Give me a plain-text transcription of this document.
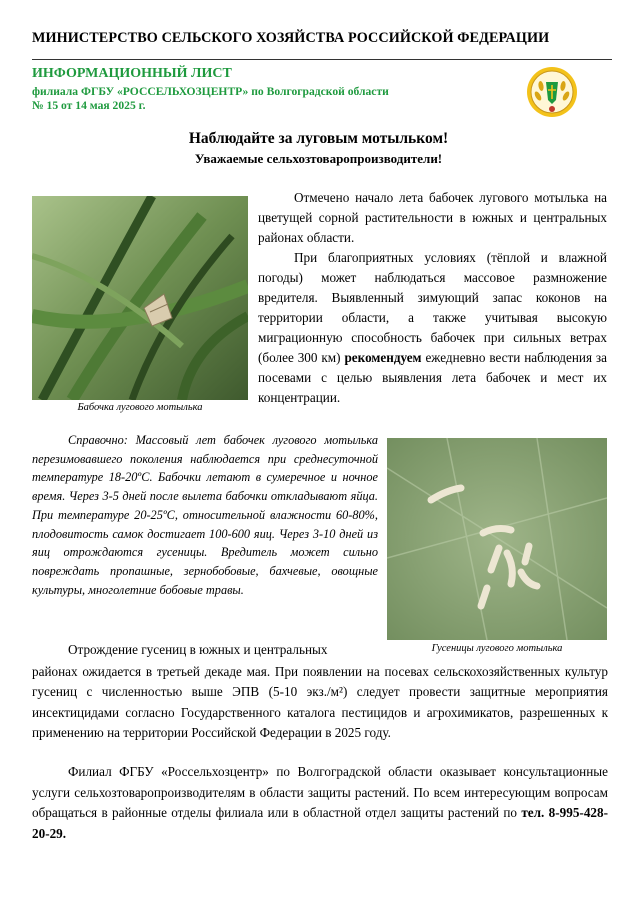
МИНИСТЕРСТВО СЕЛЬСКОГО ХОЗЯЙСТВА РОССИЙСКОЙ ФЕДЕРАЦИИ
ИНФОРМАЦИОННЫЙ ЛИСТ
филиала ФГБУ «РОССЕЛЬХОЗЦЕНТР» по Волгоградской области
№ 15 от 14 мая 2025 г.
Наблюдайте за луговым мотыльком!
Уважаемые сельхозтоваропроизводители!
Бабочка лугового мотылька

Отмечено начало лета бабочек лугового мотылька на цветущей сорной растительности в южных и центральных районах области.

При благоприятных условиях (тёплой и влажной погоды) может наблюдаться массовое размножение вредителя. Выявленный зимующий запас коконов на территории области, а также учитывая высокую миграционную способность бабочек при сильных ветрах (более 300 км) рекомендуем ежедневно вести наблюдения за посевами с целью выявления лета бабочек и мест их концентрации.

Справочно: Массовый лет бабочек лугового мотылька перезимовавшего поколения наблюдается при среднесуточной температуре 18-20ºС. Бабочки летают в сумеречное и ночное время. Через 3-5 дней после вылета бабочки откладывают яйца. При температуре 20-25ºС, относительной влажности 60-80%, плодовитость самок достигает 100-600 яиц. Через 3-10 дней из яиц отрождаются гусеницы. Вредитель может сильно повреждать пропашные, зернобобовые, бахчевые, овощные культуры, многолетние бобовые травы.

Гусеницы лугового мотылька

Отрождение гусениц в южных и центральных

районах ожидается в третьей декаде мая. При появлении на посевах сельскохозяйственных культур гусениц с численностью выше ЭПВ (5-10 экз./м²) следует провести защитные мероприятия инсектицидами согласно Государственного каталога пестицидов и агрохимикатов, разрешенных к применению на территории Российской Федерации в 2025 году.

Филиал ФГБУ «Россельхозцентр» по Волгоградской области оказывает консультационные услуги сельхозтоваропроизводителям в области защиты растений. По всем интересующим вопросам обращаться в районные отделы филиала или в областной отдел защиты растений по тел. 8-995-428-20-29.
